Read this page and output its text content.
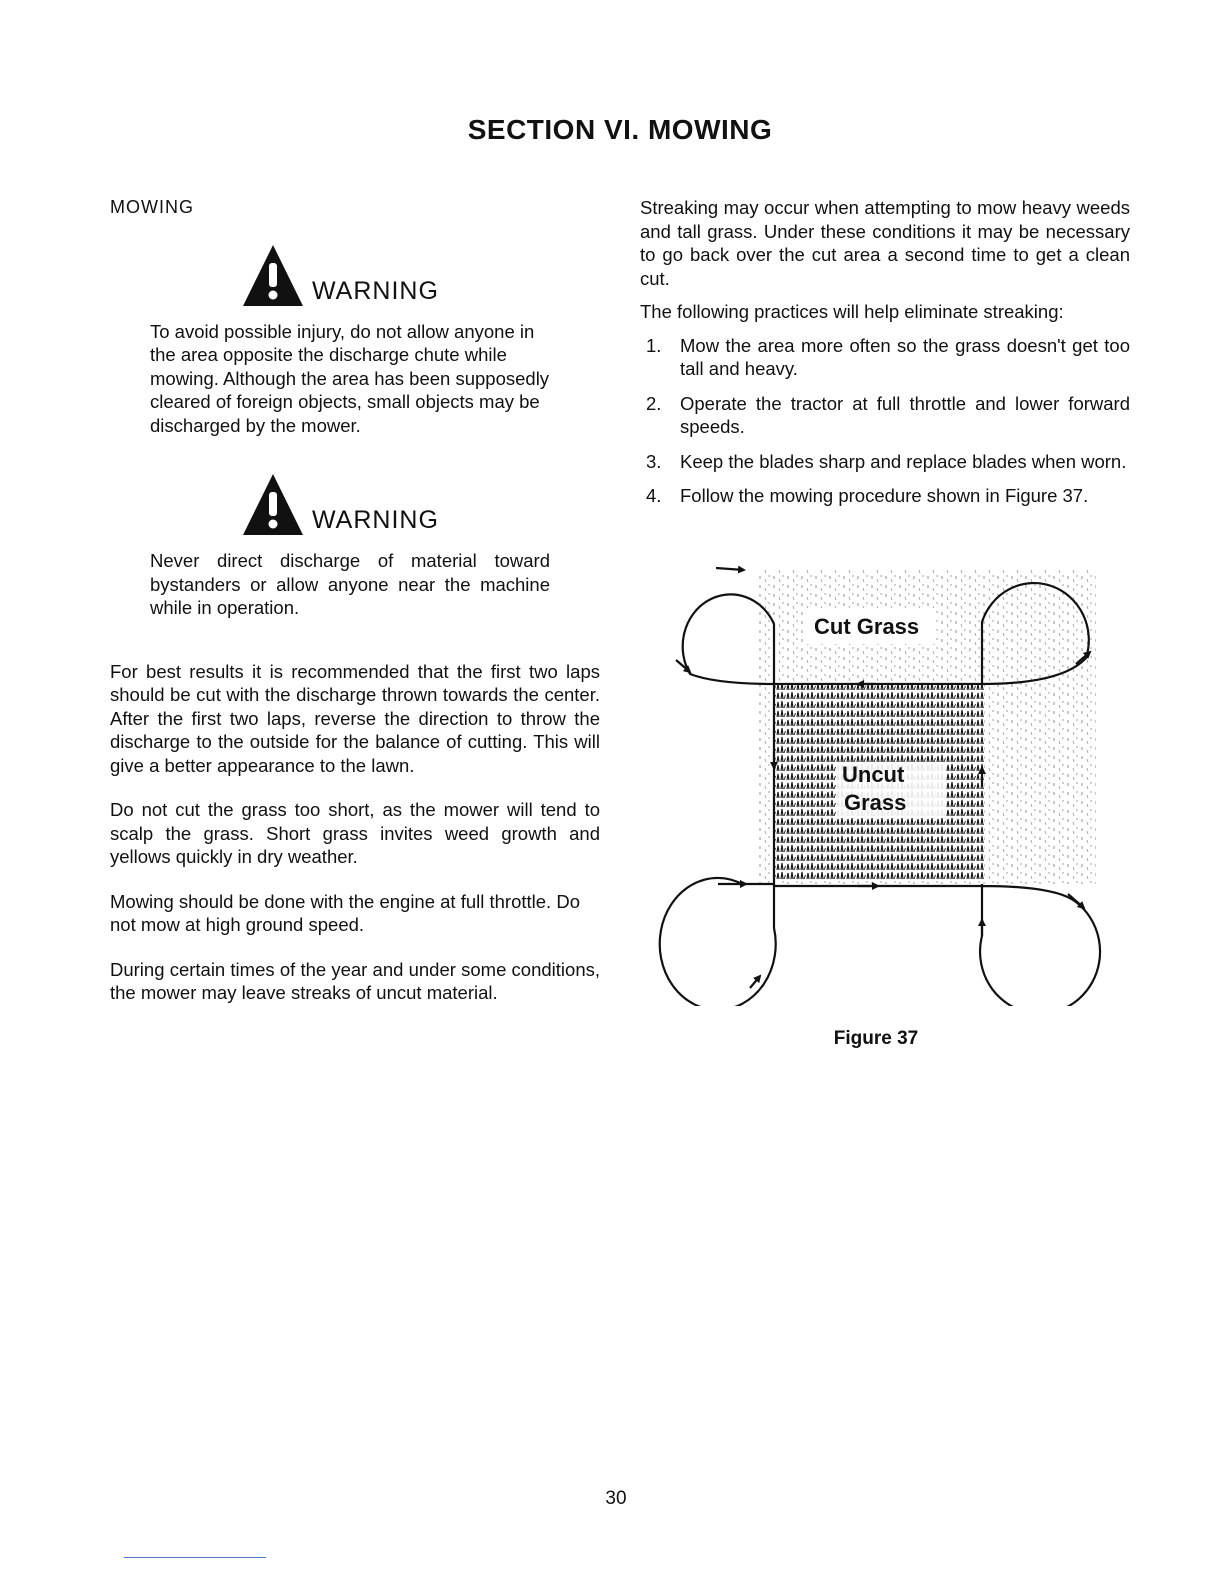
SECTION VI. MOWING

MOWING

WARNING
To avoid possible injury, do not allow anyone in the area opposite the discharge chute while mowing. Although the area has been supposedly cleared of foreign objects, small objects may be discharged by the mower.
WARNING
Never direct discharge of material toward bystanders or allow anyone near the machine while in operation.

For best results it is recommended that the first two laps should be cut with the discharge thrown towards the center. After the first two laps, reverse the direction to throw the discharge to the outside for the balance of cutting. This will give a better appearance to the lawn.

Do not cut the grass too short, as the mower will tend to scalp the grass. Short grass invites weed growth and yellows quickly in dry weather.

Mowing should be done with the engine at full throttle. Do not mow at high ground speed.

During certain times of the year and under some conditions, the mower may leave streaks of uncut material.

Streaking may occur when attempting to mow heavy weeds and tall grass. Under these conditions it may be necessary to go back over the cut area a second time to get a clean cut.

The following practices will help eliminate streaking:

1.	Mow the area more often so the grass doesn't get too tall and heavy.
2.	Operate the tractor at full throttle and lower forward speeds.
3.	Keep the blades sharp and replace blades when worn.
4.	Follow the mowing procedure shown in Figure 37.
Cut Grass
Uncut
Grass
Figure 37
30
